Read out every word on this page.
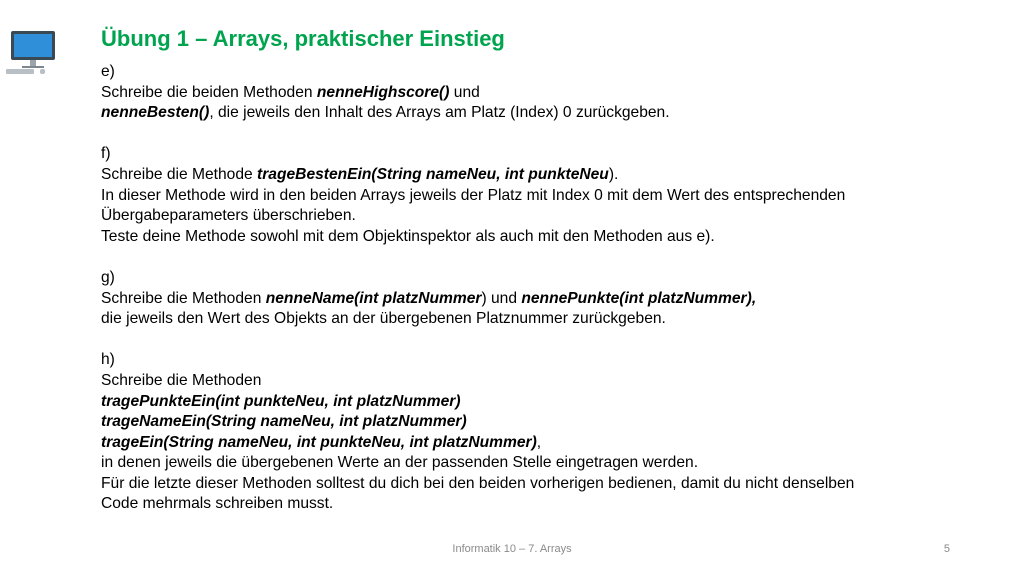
Übung 1 – Arrays, praktischer Einstieg
e)
Schreibe die beiden Methoden nenneHighscore() und
nenneBesten(), die jeweils den Inhalt des Arrays am Platz (Index) 0 zurückgeben.
f)
Schreibe die Methode trageBestenEin(String nameNeu, int punkteNeu).
In dieser Methode wird in den beiden Arrays jeweils der Platz mit Index 0 mit dem Wert des entsprechenden
Übergabeparameters überschrieben.
Teste deine Methode sowohl mit dem Objektinspektor als auch mit den Methoden aus e).
g)
Schreibe die Methoden nenneName(int platzNummer) und nennePunkte(int platzNummer),
die jeweils den Wert des Objekts an der übergebenen Platznummer zurückgeben.
h)
Schreibe die Methoden
tragePunkteEin(int punkteNeu, int platzNummer)
trageNameEin(String nameNeu, int platzNummer)
trageEin(String nameNeu, int punkteNeu, int platzNummer),
in denen jeweils die übergebenen Werte an der passenden Stelle eingetragen werden.
Für die letzte dieser Methoden solltest du dich bei den beiden vorherigen bedienen, damit du nicht denselben
Code mehrmals schreiben musst.
Informatik 10 – 7. Arrays	5
